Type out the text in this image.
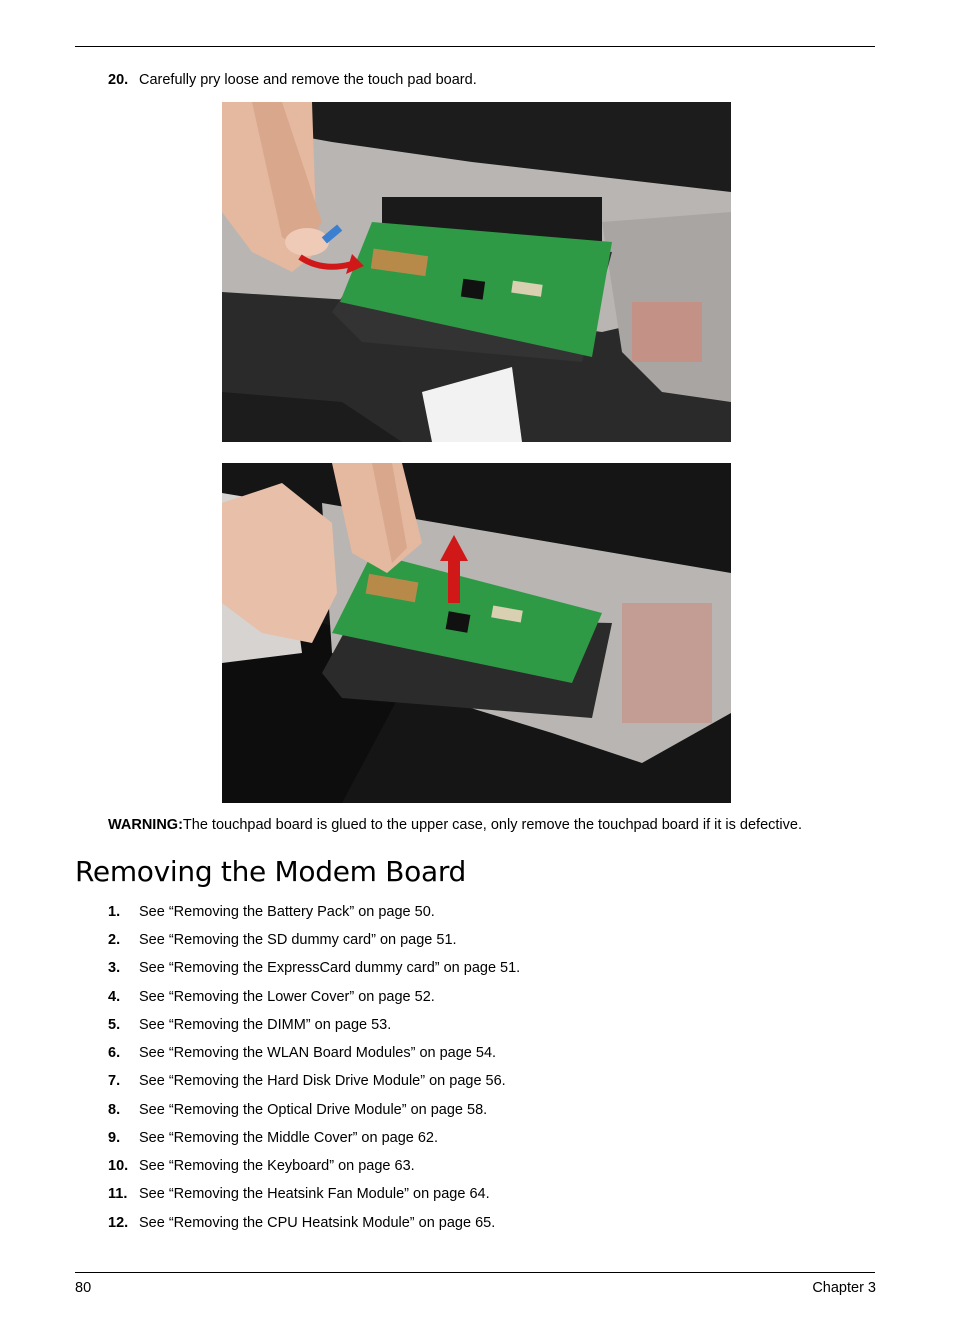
20. Carefully pry loose and remove the touch pad board.
WARNING:The touchpad board is glued to the upper case, only remove the touchpad board if it is defective.
Removing the Modem Board
1. See “Removing the Battery Pack” on page 50.
2. See “Removing the SD dummy card” on page 51.
3. See “Removing the ExpressCard dummy card” on page 51.
4. See “Removing the Lower Cover” on page 52.
5. See “Removing the DIMM” on page 53.
6. See “Removing the WLAN Board Modules” on page 54.
7. See “Removing the Hard Disk Drive Module” on page 56.
8. See “Removing the Optical Drive Module” on page 58.
9. See “Removing the Middle Cover” on page 62.
10. See “Removing the Keyboard” on page 63.
11. See “Removing the Heatsink Fan Module” on page 64.
12. See “Removing the CPU Heatsink Module” on page 65.
80	Chapter 3
